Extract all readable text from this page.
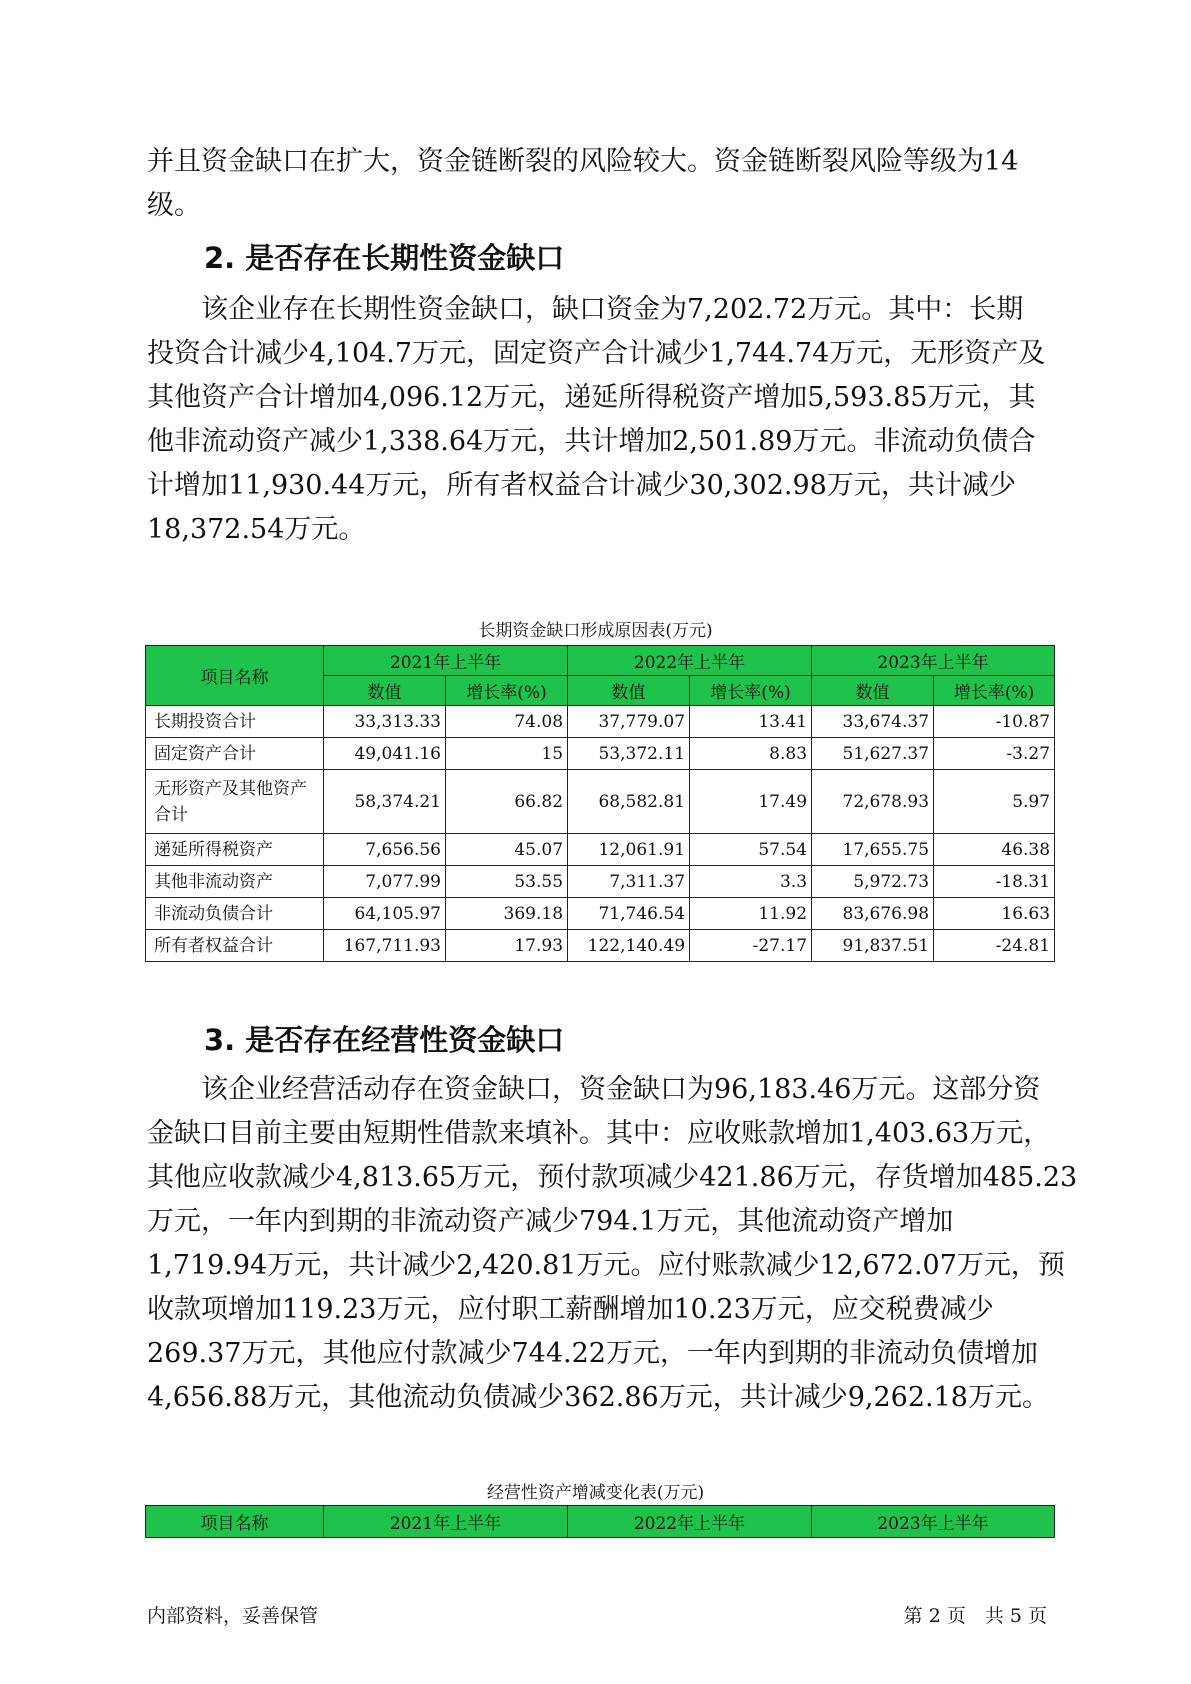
并且资金缺口在扩大，资金链断裂的风险较大。资金链断裂风险等级为14
级。

2. 是否存在长期性资金缺口

　　该企业存在长期性资金缺口，缺口资金为7,202.72万元。其中：长期
投资合计减少4,104.7万元，固定资产合计减少1,744.74万元，无形资产及
其他资产合计增加4,096.12万元，递延所得税资产增加5,593.85万元，其
他非流动资产减少1,338.64万元，共计增加2,501.89万元。非流动负债合
计增加11,930.44万元，所有者权益合计减少30,302.98万元，共计减少
18,372.54万元。

长期资金缺口形成原因表(万元)

项目名称	2021年上半年		2022年上半年		2023年上半年	
	数值	增长率(%)	数值	增长率(%)	数值	增长率(%)
长期投资合计	33,313.33	74.08	37,779.07	13.41	33,674.37	-10.87
固定资产合计	49,041.16	15	53,372.11	8.83	51,627.37	-3.27
无形资产及其他资产合计	58,374.21	66.82	68,582.81	17.49	72,678.93	5.97
递延所得税资产	7,656.56	45.07	12,061.91	57.54	17,655.75	46.38
其他非流动资产	7,077.99	53.55	7,311.37	3.3	5,972.73	-18.31
非流动负债合计	64,105.97	369.18	71,746.54	11.92	83,676.98	16.63
所有者权益合计	167,711.93	17.93	122,140.49	-27.17	91,837.51	-24.81
3. 是否存在经营性资金缺口

　　该企业经营活动存在资金缺口，资金缺口为96,183.46万元。这部分资
金缺口目前主要由短期性借款来填补。其中：应收账款增加1,403.63万元，
其他应收款减少4,813.65万元，预付款项减少421.86万元，存货增加485.23
万元，一年内到期的非流动资产减少794.1万元，其他流动资产增加
1,719.94万元，共计减少2,420.81万元。应付账款减少12,672.07万元，预
收款项增加119.23万元，应付职工薪酬增加10.23万元，应交税费减少
269.37万元，其他应付款减少744.22万元，一年内到期的非流动负债增加
4,656.88万元，其他流动负债减少362.86万元，共计减少9,262.18万元。

经营性资产增减变化表(万元)

项目名称	2021年上半年	2022年上半年	2023年上半年

内部资料，妥善保管	第 2 页　共 5 页
